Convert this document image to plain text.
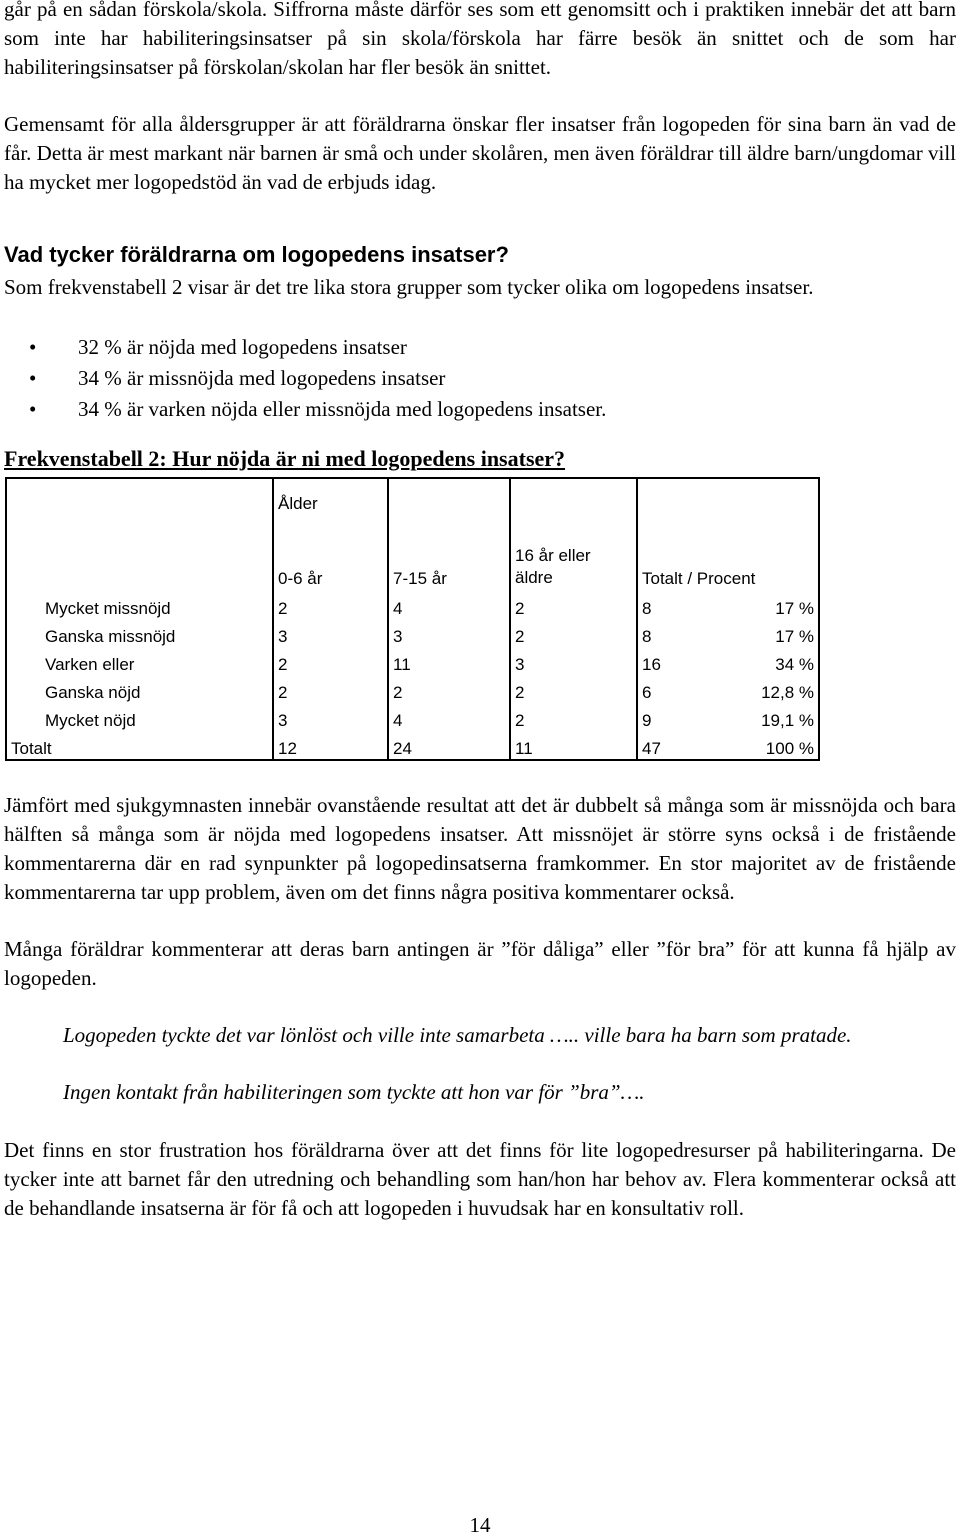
går på en sådan förskola/skola. Siffrorna måste därför ses som ett genomsitt och i praktiken innebär det att barn som inte har habiliteringsinsatser på sin skola/förskola har färre besök än snittet och de som har habiliteringsinsatser på förskolan/skolan har fler besök än snittet.

Gemensamt för alla åldersgrupper är att föräldrarna önskar fler insatser från logopeden för sina barn än vad de får. Detta är mest markant när barnen är små och under skolåren, men även föräldrar till äldre barn/ungdomar vill ha mycket mer logopedstöd än vad de erbjuds idag.

Vad tycker föräldrarna om logopedens insatser?

Som frekvenstabell 2 visar är det tre lika stora grupper som tycker olika om logopedens insatser.

• 32 % är nöjda med logopedens insatser
• 34 % är missnöjda med logopedens insatser
• 34 % är varken nöjda eller missnöjda med logopedens insatser.
Frekvenstabell 2: Hur nöjda är ni med logopedens insatser?
	Ålder			
	0-6 år	7-15 år	16 år eller äldre	Totalt / Procent
Mycket missnöjd	2	4	2	8 17 %

Ganska missnöjd	3	3	2	8 17 %

Varken eller	2	11	3	16 34 %

Ganska nöjd	2	2	2	6 12,8 %

Mycket nöjd	3	4	2	9 19,1 %

Totalt	12	24	11	47 100 %

Jämfört med sjukgymnasten innebär ovanstående resultat att det är dubbelt så många som är missnöjda och bara hälften så många som är nöjda med logopedens insatser. Att missnöjet är större syns också i de fristående kommentarerna där en rad synpunkter på logopedinsatserna framkommer. En stor majoritet av de fristående kommentarerna tar upp problem, även om det finns några positiva kommentarer också.

Många föräldrar kommenterar att deras barn antingen är ”för dåliga” eller ”för bra” för att kunna få hjälp av logopeden.

Logopeden tyckte det var lönlöst och ville inte samarbeta ….. ville bara ha barn som pratade.

Ingen kontakt från habiliteringen som tyckte att hon var för ”bra”….

Det finns en stor frustration hos föräldrarna över att det finns för lite logopedresurser på habiliteringarna. De tycker inte att barnet får den utredning och behandling som han/hon har behov av. Flera kommenterar också att de behandlande insatserna är för få och att logopeden i huvudsak har en konsultativ roll.

14
